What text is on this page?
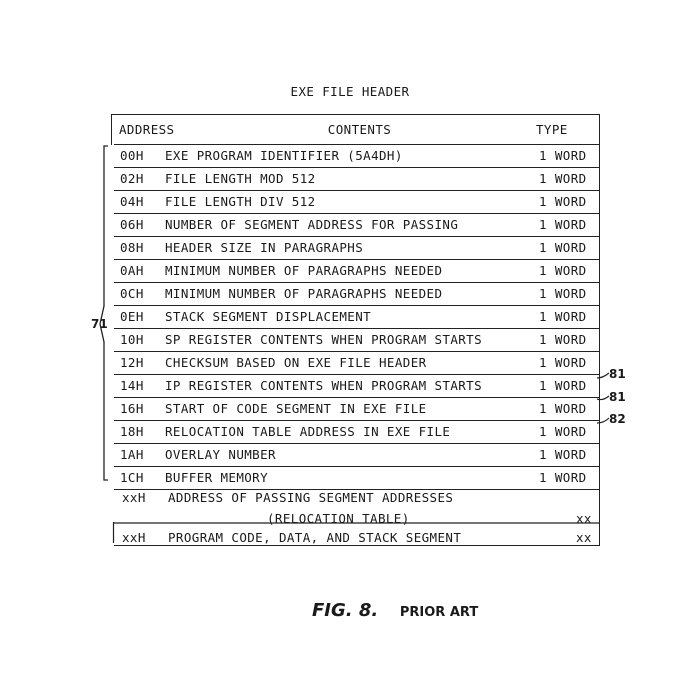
EXE FILE HEADER
ADDRESS	CONTENTS	TYPE
00H EXE PROGRAM IDENTIFIER (5A4DH)	1 WORD
02H FILE LENGTH MOD 512	1 WORD
04H FILE LENGTH DIV 512	1 WORD
06H NUMBER OF SEGMENT ADDRESS FOR PASSING	1 WORD
08H HEADER SIZE IN PARAGRAPHS	1 WORD
0AH MINIMUM NUMBER OF PARAGRAPHS NEEDED	1 WORD
0CH MINIMUM NUMBER OF PARAGRAPHS NEEDED	1 WORD
0EH STACK SEGMENT DISPLACEMENT	1 WORD
10H SP REGISTER CONTENTS WHEN PROGRAM STARTS	1 WORD
12H CHECKSUM BASED ON EXE FILE HEADER	1 WORD
14H IP REGISTER CONTENTS WHEN PROGRAM STARTS	1 WORD
16H START OF CODE SEGMENT IN EXE FILE	1 WORD
18H RELOCATION TABLE ADDRESS IN EXE FILE	1 WORD
1AH OVERLAY NUMBER	1 WORD
1CH BUFFER MEMORY	1 WORD
xxH ADDRESS OF PASSING SEGMENT ADDRESSES
(RELOCATION TABLE)	xx
xxH PROGRAM CODE, DATA, AND STACK SEGMENT	xx
71
81
81
82
FIG. 8. PRIOR ART
